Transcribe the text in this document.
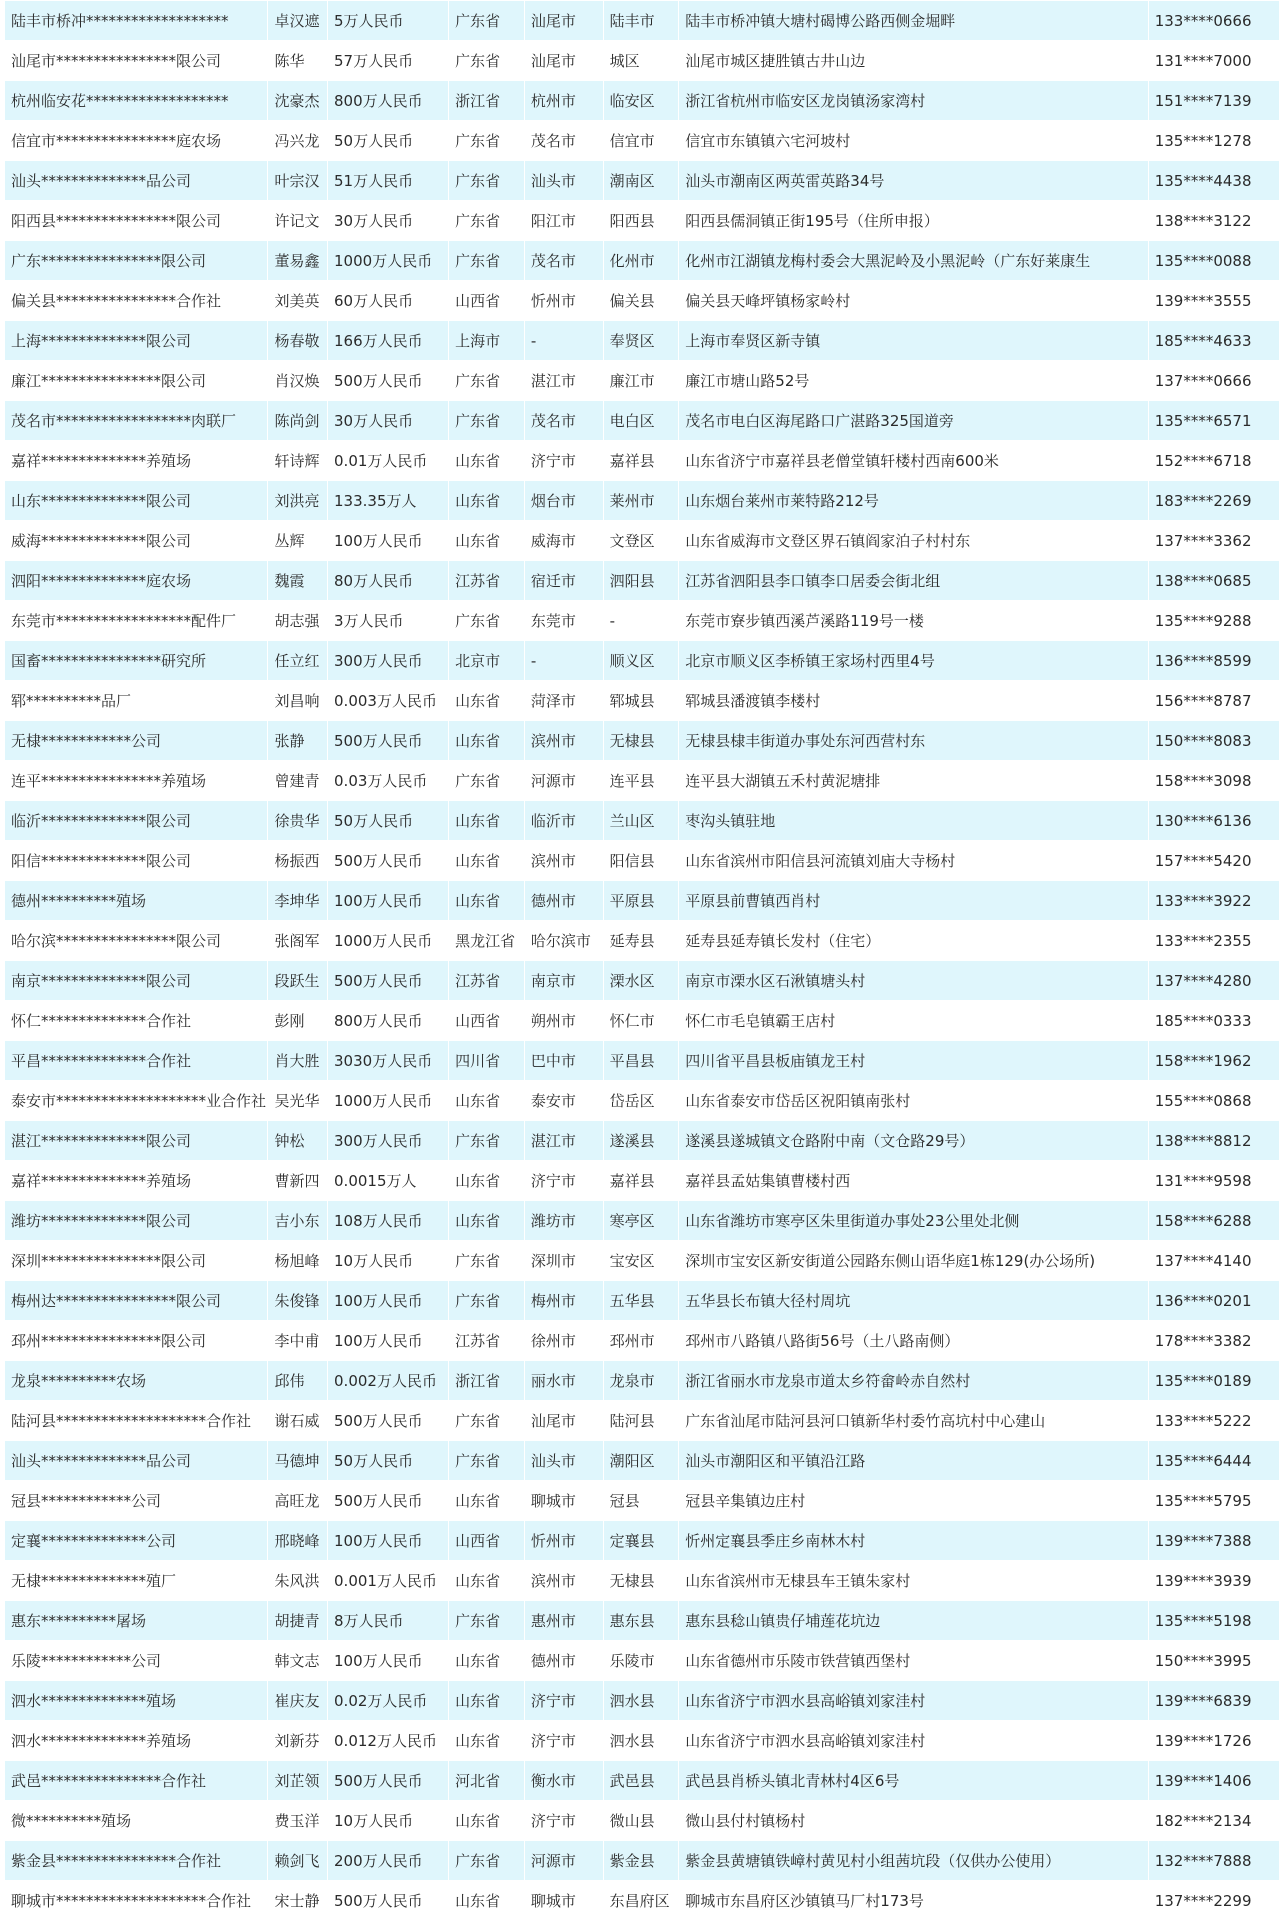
陆丰市桥冲*******************	卓汉遮	5万人民币	广东省	汕尾市	陆丰市	陆丰市桥冲镇大塘村碣博公路西侧金堀畔	133****0666
汕尾市****************限公司	陈华	57万人民币	广东省	汕尾市	城区	汕尾市城区捷胜镇古井山边	131****7000
杭州临安花*******************	沈豪杰	800万人民币	浙江省	杭州市	临安区	浙江省杭州市临安区龙岗镇汤家湾村	151****7139
信宜市****************庭农场	冯兴龙	50万人民币	广东省	茂名市	信宜市	信宜市东镇镇六宅河坡村	135****1278
汕头**************品公司	叶宗汉	51万人民币	广东省	汕头市	潮南区	汕头市潮南区两英雷英路34号	135****4438
阳西县****************限公司	许记文	30万人民币	广东省	阳江市	阳西县	阳西县儒洞镇正街195号（住所申报）	138****3122
广东****************限公司	董易鑫	1000万人民币	广东省	茂名市	化州市	化州市江湖镇龙梅村委会大黑泥岭及小黑泥岭（广东好莱康生	135****0088
偏关县****************合作社	刘美英	60万人民币	山西省	忻州市	偏关县	偏关县天峰坪镇杨家岭村	139****3555
上海**************限公司	杨春敬	166万人民币	上海市	-	奉贤区	上海市奉贤区新寺镇	185****4633
廉江****************限公司	肖汉焕	500万人民币	广东省	湛江市	廉江市	廉江市塘山路52号	137****0666
茂名市******************肉联厂	陈尚剑	30万人民币	广东省	茂名市	电白区	茂名市电白区海尾路口广湛路325国道旁	135****6571
嘉祥**************养殖场	轩诗辉	0.01万人民币	山东省	济宁市	嘉祥县	山东省济宁市嘉祥县老僧堂镇轩楼村西南600米	152****6718
山东**************限公司	刘洪亮	133.35万人	山东省	烟台市	莱州市	山东烟台莱州市莱特路212号	183****2269
威海**************限公司	丛辉	100万人民币	山东省	威海市	文登区	山东省威海市文登区界石镇阎家泊子村村东	137****3362
泗阳**************庭农场	魏霞	80万人民币	江苏省	宿迁市	泗阳县	江苏省泗阳县李口镇李口居委会街北组	138****0685
东莞市******************配件厂	胡志强	3万人民币	广东省	东莞市	-	东莞市寮步镇西溪芦溪路119号一楼	135****9288
国畜****************研究所	任立红	300万人民币	北京市	-	顺义区	北京市顺义区李桥镇王家场村西里4号	136****8599
郓**********品厂	刘昌响	0.003万人民币	山东省	菏泽市	郓城县	郓城县潘渡镇李楼村	156****8787
无棣************公司	张静	500万人民币	山东省	滨州市	无棣县	无棣县棣丰街道办事处东河西营村东	150****8083
连平****************养殖场	曾建青	0.03万人民币	广东省	河源市	连平县	连平县大湖镇五禾村黄泥塘排	158****3098
临沂**************限公司	徐贵华	50万人民币	山东省	临沂市	兰山区	枣沟头镇驻地	130****6136
阳信**************限公司	杨振西	500万人民币	山东省	滨州市	阳信县	山东省滨州市阳信县河流镇刘庙大寺杨村	157****5420
德州**********殖场	李坤华	100万人民币	山东省	德州市	平原县	平原县前曹镇西肖村	133****3922
哈尔滨****************限公司	张阁军	1000万人民币	黑龙江省	哈尔滨市	延寿县	延寿县延寿镇长发村（住宅）	133****2355
南京**************限公司	段跃生	500万人民币	江苏省	南京市	溧水区	南京市溧水区石湫镇塘头村	137****4280
怀仁**************合作社	彭刚	800万人民币	山西省	朔州市	怀仁市	怀仁市毛皂镇霸王店村	185****0333
平昌**************合作社	肖大胜	3030万人民币	四川省	巴中市	平昌县	四川省平昌县板庙镇龙王村	158****1962
泰安市********************业合作社	吴光华	1000万人民币	山东省	泰安市	岱岳区	山东省泰安市岱岳区祝阳镇南张村	155****0868
湛江**************限公司	钟松	300万人民币	广东省	湛江市	遂溪县	遂溪县遂城镇文仓路附中南（文仓路29号）	138****8812
嘉祥**************养殖场	曹新四	0.0015万人	山东省	济宁市	嘉祥县	嘉祥县孟姑集镇曹楼村西	131****9598
潍坊**************限公司	吉小东	108万人民币	山东省	潍坊市	寒亭区	山东省潍坊市寒亭区朱里街道办事处23公里处北侧	158****6288
深圳****************限公司	杨旭峰	10万人民币	广东省	深圳市	宝安区	深圳市宝安区新安街道公园路东侧山语华庭1栋129(办公场所)	137****4140
梅州达****************限公司	朱俊锋	100万人民币	广东省	梅州市	五华县	五华县长布镇大径村周坑	136****0201
邳州****************限公司	李中甫	100万人民币	江苏省	徐州市	邳州市	邳州市八路镇八路街56号（土八路南侧）	178****3382
龙泉**********农场	邱伟	0.002万人民币	浙江省	丽水市	龙泉市	浙江省丽水市龙泉市道太乡符畲岭赤自然村	135****0189
陆河县********************合作社	谢石威	500万人民币	广东省	汕尾市	陆河县	广东省汕尾市陆河县河口镇新华村委竹高坑村中心建山	133****5222
汕头**************品公司	马德坤	50万人民币	广东省	汕头市	潮阳区	汕头市潮阳区和平镇沿江路	135****6444
冠县************公司	高旺龙	500万人民币	山东省	聊城市	冠县	冠县辛集镇边庄村	135****5795
定襄**************公司	邢晓峰	100万人民币	山西省	忻州市	定襄县	忻州定襄县季庄乡南林木村	139****7388
无棣**************殖厂	朱风洪	0.001万人民币	山东省	滨州市	无棣县	山东省滨州市无棣县车王镇朱家村	139****3939
惠东**********屠场	胡捷青	8万人民币	广东省	惠州市	惠东县	惠东县稔山镇贵仔埔莲花坑边	135****5198
乐陵************公司	韩文志	100万人民币	山东省	德州市	乐陵市	山东省德州市乐陵市铁营镇西堡村	150****3995
泗水**************殖场	崔庆友	0.02万人民币	山东省	济宁市	泗水县	山东省济宁市泗水县高峪镇刘家洼村	139****6839
泗水**************养殖场	刘新芬	0.012万人民币	山东省	济宁市	泗水县	山东省济宁市泗水县高峪镇刘家洼村	139****1726
武邑****************合作社	刘芷领	500万人民币	河北省	衡水市	武邑县	武邑县肖桥头镇北青林村4区6号	139****1406
微**********殖场	费玉洋	10万人民币	山东省	济宁市	微山县	微山县付村镇杨村	182****2134
紫金县****************合作社	赖剑飞	200万人民币	广东省	河源市	紫金县	紫金县黄塘镇铁嶂村黄见村小组茜坑段（仅供办公使用）	132****7888
聊城市********************合作社	宋士静	500万人民币	山东省	聊城市	东昌府区	聊城市东昌府区沙镇镇马厂村173号	137****2299
